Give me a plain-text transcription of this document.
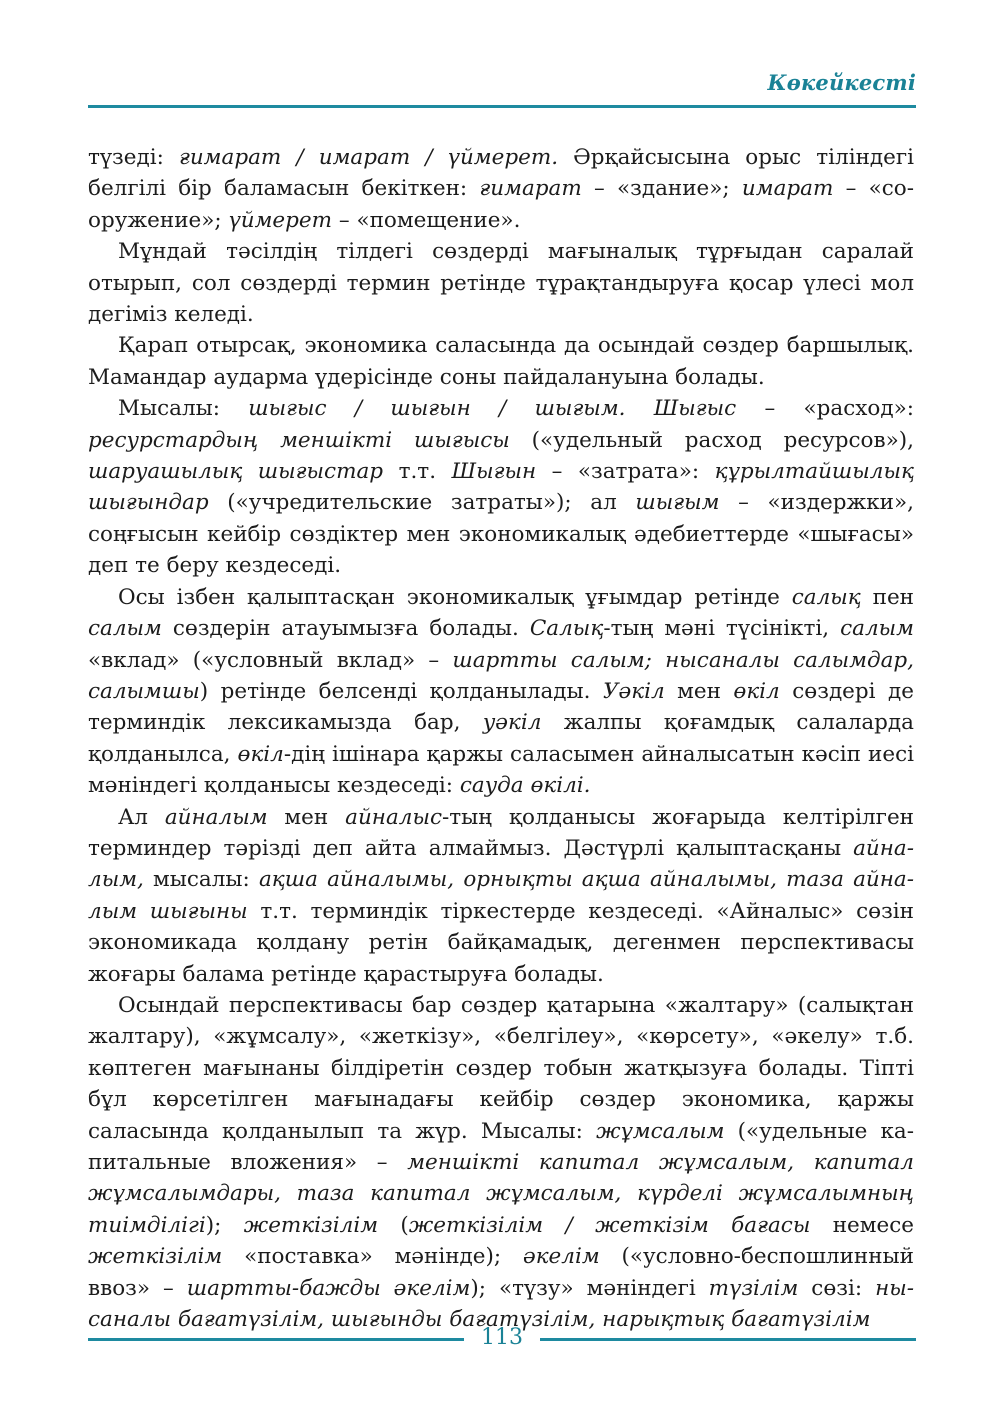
Көкейкесті

түзеді: ғимарат / имарат / үймерет. Әрқайсысына орыс тіліндегі белгілі бір баламасын бекіткен: ғимарат – «здание»; имарат – «сооружение»; үймерет – «помещение».

Мұндай тәсілдің тілдегі сөздерді мағыналық тұрғыдан саралай отырып, сол сөздерді термин ретінде тұрақтандыруға қосар үлесі мол дегіміз келеді.

Қарап отырсақ, экономика саласында да осындай сөздер баршылық. Мамандар аударма үдерісінде соны пайдалануына болады.

Мысалы: шығыс / шығын / шығым. Шығыс – «расход»: ресурстардың меншікті шығысы («удельный расход ресурсов»), шаруашылық шығыстар т.т. Шығын – «затрата»: құрылтайшылық шығындар («учредительские затраты»); ал шығым – «издержки», соңғысын кейбір сөздіктер мен экономикалық әдебиеттерде «шығасы» деп те беру кездеседі.

Осы ізбен қалыптасқан экономикалық ұғымдар ретінде салық пен салым сөздерін атауымызға болады. Салық-тың мәні түсінікті, салым «вклад» («условный вклад» – шартты салым; нысаналы салымдар, салымшы) ретінде белсенді қолданылады. Уәкіл мен өкіл сөздері де терминдік лексикамызда бар, уәкіл жалпы қоғамдық салаларда қолданылса, өкіл-дің ішінара қаржы саласымен айналысатын кәсіп иесі мәніндегі қолданысы кездеседі: сауда өкілі.

Ал айналым мен айналыс-тың қолданысы жоғарыда келтірілген терминдер тәрізді деп айта алмаймыз. Дәстүрлі қалыптасқаны айналым, мысалы: ақша айналымы, орнықты ақша айналымы, таза айналым шығыны т.т. терминдік тіркестерде кездеседі. «Айналыс» сөзін экономикада қолдану ретін байқамадық, дегенмен перспективасы жоғары балама ретінде қарастыруға болады.

Осындай перспективасы бар сөздер қатарына «жалтару» (салықтан жалтару), «жұмсалу», «жеткізу», «белгілеу», «көрсету», «әкелу» т.б. көптеген мағынаны білдіретін сөздер тобын жатқызуға болады. Тіпті бұл көрсетілген мағынадағы кейбір сөздер экономика, қаржы саласында қолданылып та жүр. Мысалы: жұмсалым («удельные капитальные вложения» – меншікті капитал жұмсалым, капитал жұмсалымдары, таза капитал жұмсалым, күрделі жұмсалымның тиімділігі); жеткізілім (жеткізілім / жеткізім бағасы немесе жеткізілім «поставка» мәнінде); әкелім («условно-беспошлинный ввоз» – шартты-бажды әкелім); «түзу» мәніндегі түзілім сөзі: нысаналы бағатүзілім, шығынды бағатүзілім, нарықтық бағатүзілім

113
